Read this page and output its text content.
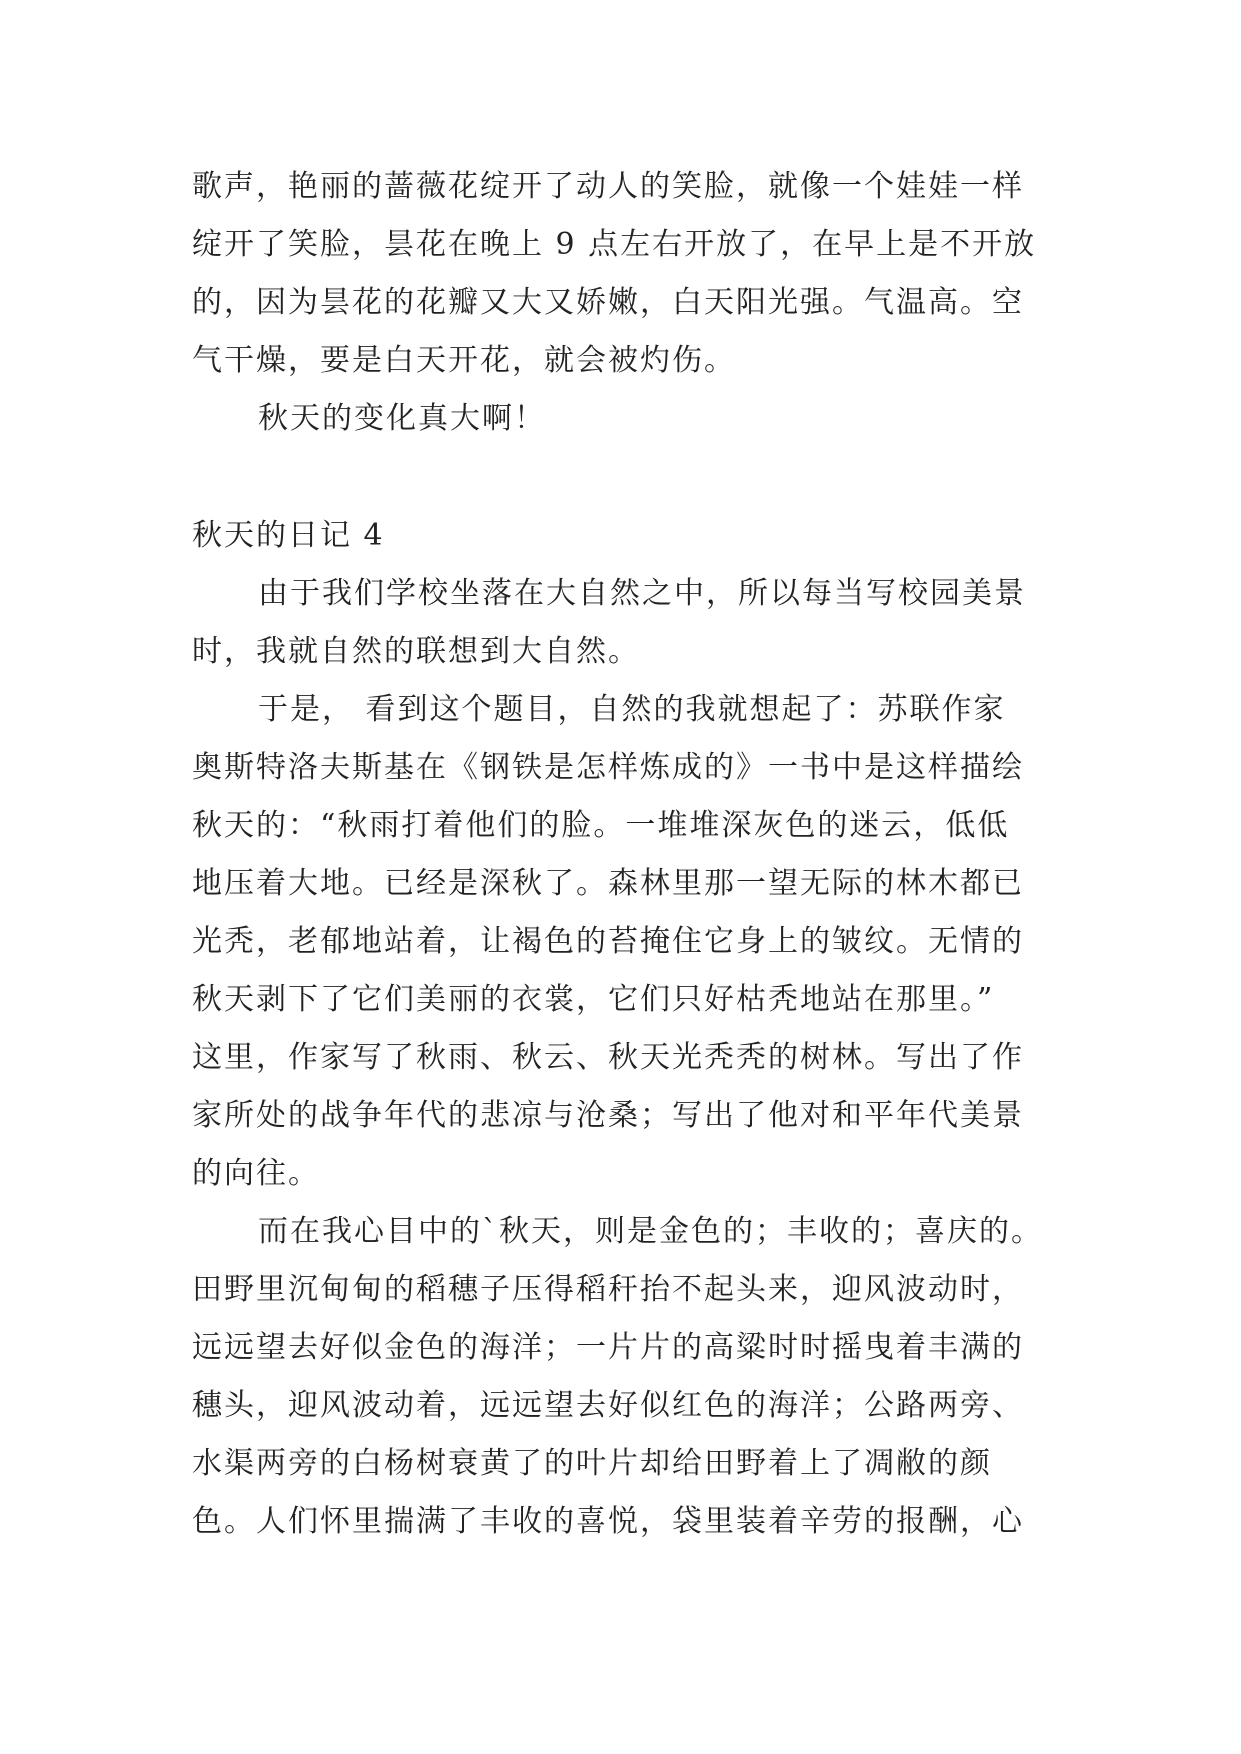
歌声，艳丽的蔷薇花绽开了动人的笑脸，就像一个娃娃一样

绽开了笑脸，昙花在晚上 9 点左右开放了，在早上是不开放

的，因为昙花的花瓣又大又娇嫩，白天阳光强。气温高。空

气干燥，要是白天开花，就会被灼伤。

秋天的变化真大啊！

秋天的日记 4

由于我们学校坐落在大自然之中，所以每当写校园美景

时，我就自然的联想到大自然。

于是， 看到这个题目，自然的我就想起了：苏联作家

奥斯特洛夫斯基在《钢铁是怎样炼成的》一书中是这样描绘

秋天的：“秋雨打着他们的脸。一堆堆深灰色的迷云，低低

地压着大地。已经是深秋了。森林里那一望无际的林木都已

光秃，老郁地站着，让褐色的苔掩住它身上的皱纹。无情的

秋天剥下了它们美丽的衣裳，它们只好枯秃地站在那里。”

这里，作家写了秋雨、秋云、秋天光秃秃的树林。写出了作

家所处的战争年代的悲凉与沧桑；写出了他对和平年代美景

的向往。

而在我心目中的`秋天，则是金色的；丰收的；喜庆的。

田野里沉甸甸的稻穗子压得稻秆抬不起头来，迎风波动时，

远远望去好似金色的海洋；一片片的高粱时时摇曳着丰满的

穗头，迎风波动着，远远望去好似红色的海洋；公路两旁、

水渠两旁的白杨树衰黄了的叶片却给田野着上了凋敝的颜

色。人们怀里揣满了丰收的喜悦，袋里装着辛劳的报酬，心
